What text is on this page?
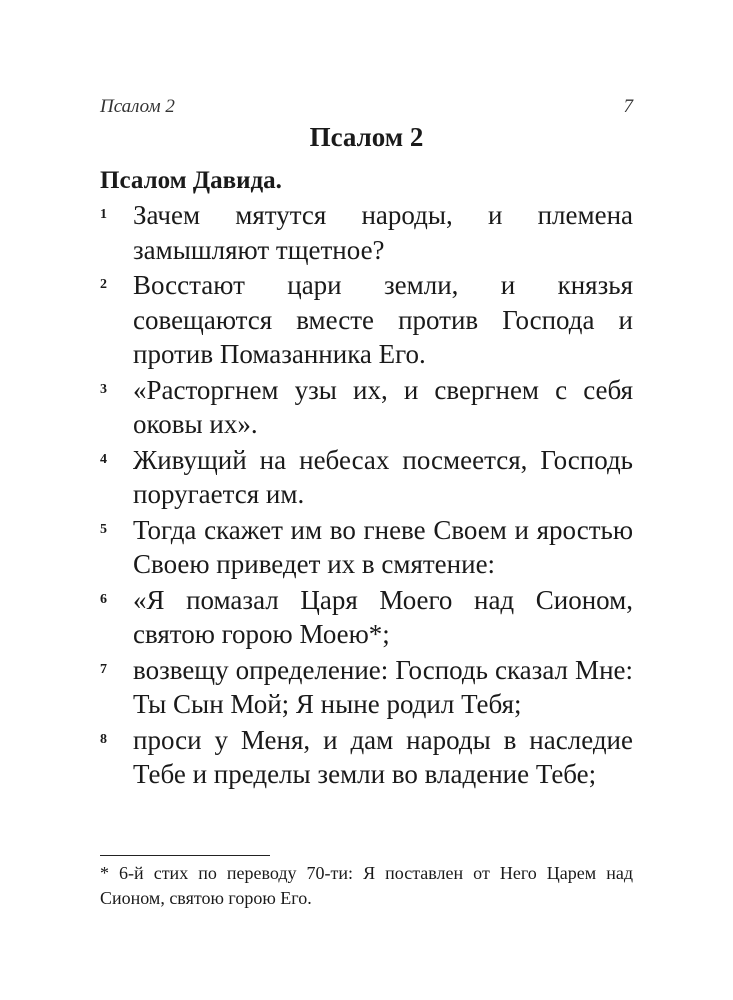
Псалом 2	7
Псалом 2
Псалом Давида.
1 Зачем мятутся народы, и племена замышляют тщетное?
2 Восстают цари земли, и князья совещаются вместе против Господа и против Помазанника Его.
3 «Расторгнем узы их, и свергнем с себя оковы их».
4 Живущий на небесах посмеется, Господь поругается им.
5 Тогда скажет им во гневе Своем и яростью Своею приведет их в смятение:
6 «Я помазал Царя Моего над Сионом, святою горою Моею*;
7 возвещу определение: Господь сказал Мне: Ты Сын Мой; Я ныне родил Тебя;
8 проси у Меня, и дам народы в наследие Тебе и пределы земли во владение Тебе;
* 6-й стих по переводу 70-ти: Я поставлен от Него Царем над Сионом, святою горою Его.
